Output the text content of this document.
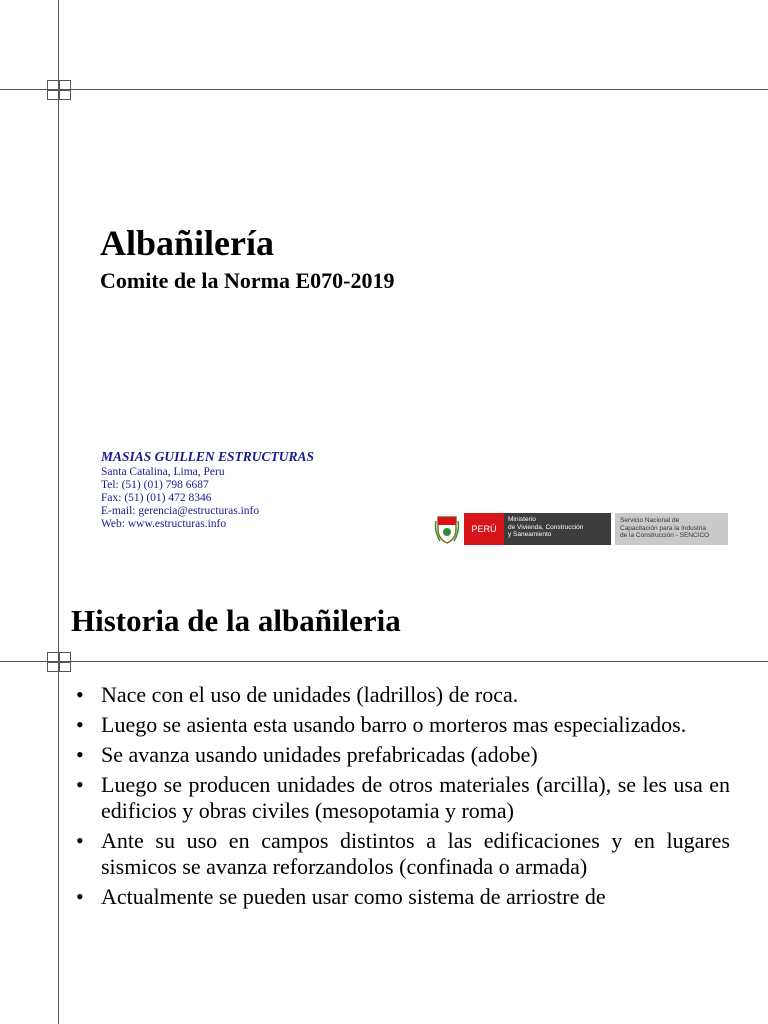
Albañilería
Comite de la Norma E070-2019
MASIAS GUILLEN ESTRUCTURAS
Santa Catalina, Lima, Peru
Tel: (51) (01) 798 6687
Fax: (51) (01) 472 8346
E-mail: gerencia@estructuras.info
Web: www.estructuras.info	PERÚ
Ministerio
de Vivienda, Construcción
y Saneamiento
Servicio Nacional de
Capacitación para la Industria
de la Construcción - SENCICO
Historia de la albañileria
• Nace con el uso de unidades (ladrillos) de roca.
• Luego se asienta esta usando barro o morteros mas especializados.
• Se avanza usando unidades prefabricadas (adobe)
• Luego se producen unidades de otros materiales (arcilla), se les usa en edificios y obras civiles (mesopotamia y roma)
• Ante su uso en campos distintos a las edificaciones y en lugares sismicos se avanza reforzandolos (confinada o armada)
• Actualmente se pueden usar como sistema de arriostre de
